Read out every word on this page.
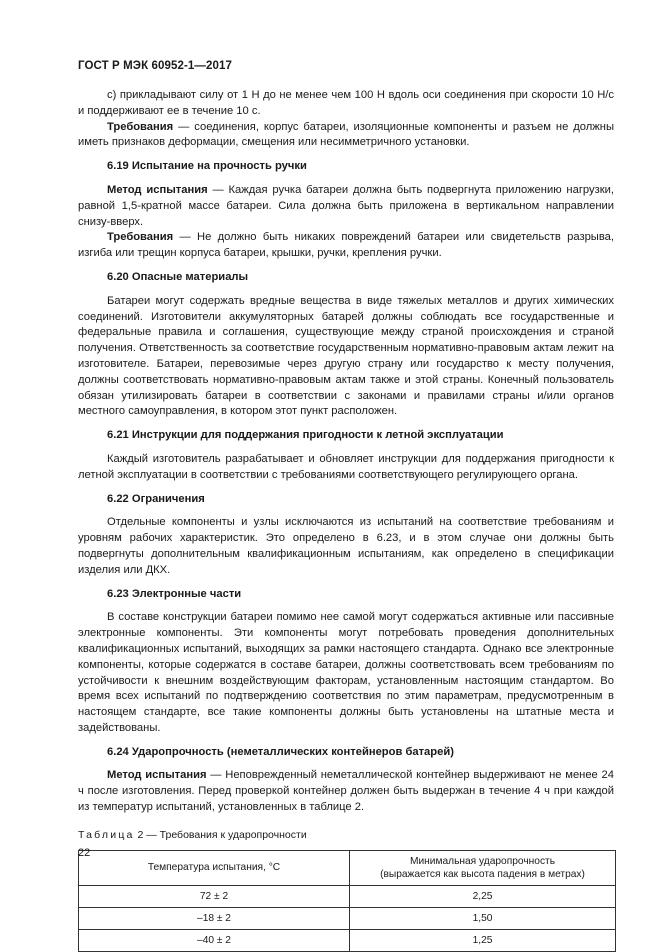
ГОСТ Р МЭК 60952-1—2017
c) прикладывают силу от 1 Н до не менее чем 100 Н вдоль оси соединения при скорости 10 Н/с и поддерживают ее в течение 10 с.
Требования — соединения, корпус батареи, изоляционные компоненты и разъем не должны иметь признаков деформации, смещения или несимметричного установки.
6.19 Испытание на прочность ручки
Метод испытания — Каждая ручка батареи должна быть подвергнута приложению нагрузки, равной 1,5-кратной массе батареи. Сила должна быть приложена в вертикальном направлении снизу-вверх.
Требования — Не должно быть никаких повреждений батареи или свидетельств разрыва, изгиба или трещин корпуса батареи, крышки, ручки, крепления ручки.
6.20 Опасные материалы
Батареи могут содержать вредные вещества в виде тяжелых металлов и других химических соединений. Изготовители аккумуляторных батарей должны соблюдать все государственные и федеральные правила и соглашения, существующие между страной происхождения и страной получения. Ответственность за соответствие государственным нормативно-правовым актам лежит на изготовителе. Батареи, перевозимые через другую страну или государство к месту получения, должны соответствовать нормативно-правовым актам также и этой страны. Конечный пользователь обязан утилизировать батареи в соответствии с законами и правилами страны и/или органов местного самоуправления, в котором этот пункт расположен.
6.21 Инструкции для поддержания пригодности к летной эксплуатации
Каждый изготовитель разрабатывает и обновляет инструкции для поддержания пригодности к летной эксплуатации в соответствии с требованиями соответствующего регулирующего органа.
6.22 Ограничения
Отдельные компоненты и узлы исключаются из испытаний на соответствие требованиям и уровням рабочих характеристик. Это определено в 6.23, и в этом случае они должны быть подвергнуты дополнительным квалификационным испытаниям, как определено в спецификации изделия или ДКХ.
6.23 Электронные части
В составе конструкции батареи помимо нее самой могут содержаться активные или пассивные электронные компоненты. Эти компоненты могут потребовать проведения дополнительных квалификационных испытаний, выходящих за рамки настоящего стандарта. Однако все электронные компоненты, которые содержатся в составе батареи, должны соответствовать всем требованиям по устойчивости к внешним воздействующим факторам, установленным настоящим стандартом. Во время всех испытаний по подтверждению соответствия по этим параметрам, предусмотренным в настоящем стандарте, все такие компоненты должны быть установлены на штатные места и задействованы.
6.24 Ударопрочность (неметаллических контейнеров батарей)
Метод испытания — Неповрежденный неметаллической контейнер выдерживают не менее 24 ч после изготовления. Перед проверкой контейнер должен быть выдержан в течение 4 ч при каждой из температур испытаний, установленных в таблице 2.
Таблица 2 — Требования к ударопрочности
Температура испытания, °С	Минимальная ударопрочность
(выражается как высота падения в метрах)
72 ± 2	2,25
–18 ± 2	1,50
–40 ± 2	1,25
22
